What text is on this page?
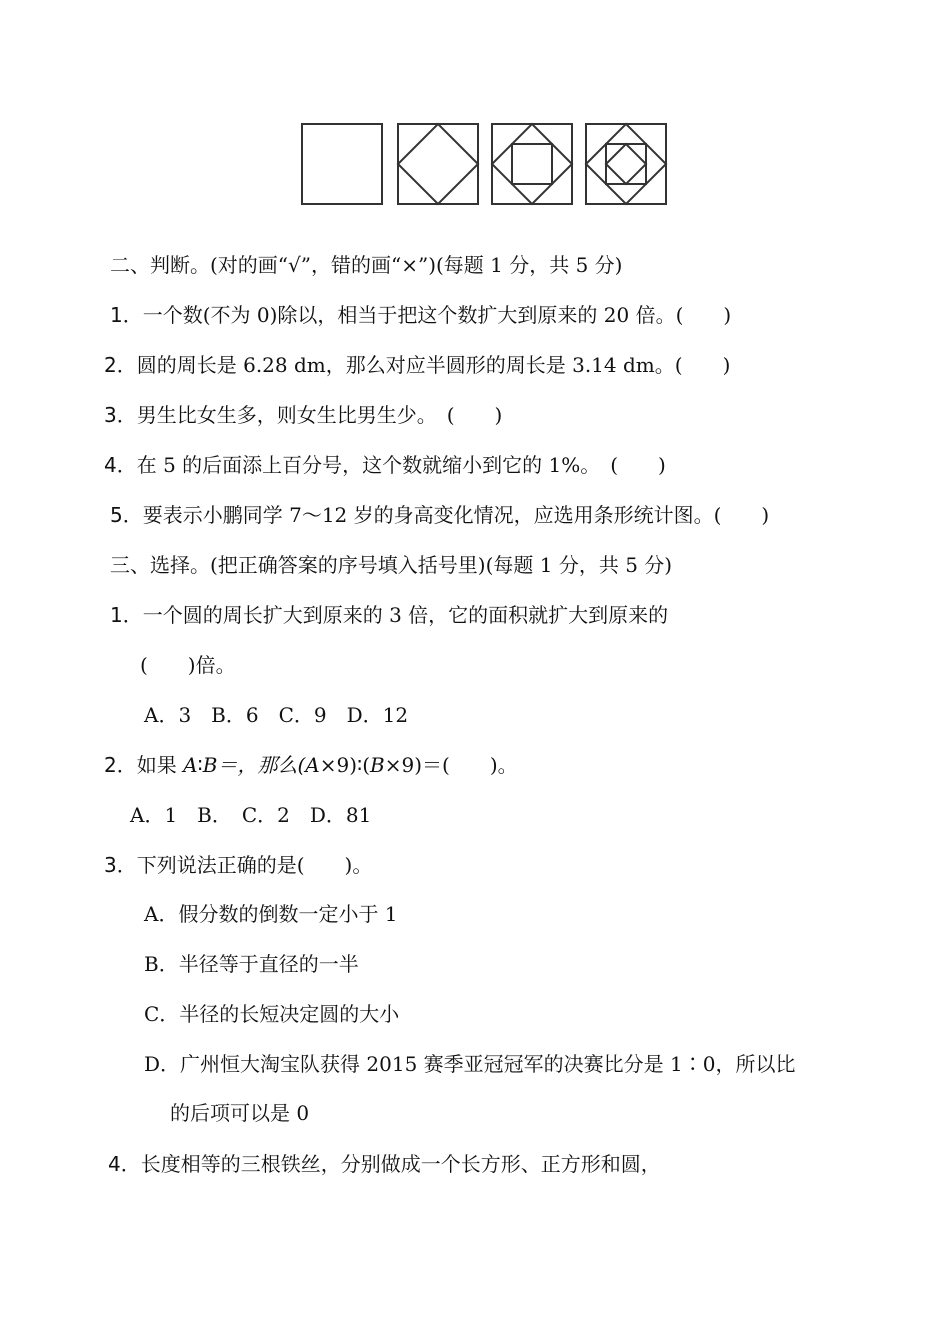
二、判断。(对的画“√”，错的画“×”)(每题 1 分，共 5 分)
1．一个数(不为 0)除以，相当于把这个数扩大到原来的 20 倍。(　　)
2．圆的周长是 6.28 dm，那么对应半圆形的周长是 3.14 dm。(　　)
3．男生比女生多，则女生比男生少。　(　　)
4．在 5 的后面添上百分号，这个数就缩小到它的 1%。　(　　)
5．要表示小鹏同学 7～12 岁的身高变化情况，应选用条形统计图。(　　)
三、选择。(把正确答案的序号填入括号里)(每题 1 分，共 5 分)
1．一个圆的周长扩大到原来的 3 倍，它的面积就扩大到原来的
(　　)倍。
A．3　B．6　C．9　D．12
2．如果 A∶B＝，那么(A×9)∶(B×9)＝(　　)。
A．1　B．　C．2　D．81
3．下列说法正确的是(　　)。
A．假分数的倒数一定小于 1
B．半径等于直径的一半
C．半径的长短决定圆的大小
D．广州恒大淘宝队获得 2015 赛季亚冠冠军的决赛比分是 1∶0，所以比
的后项可以是 0
4．长度相等的三根铁丝，分别做成一个长方形、正方形和圆，
